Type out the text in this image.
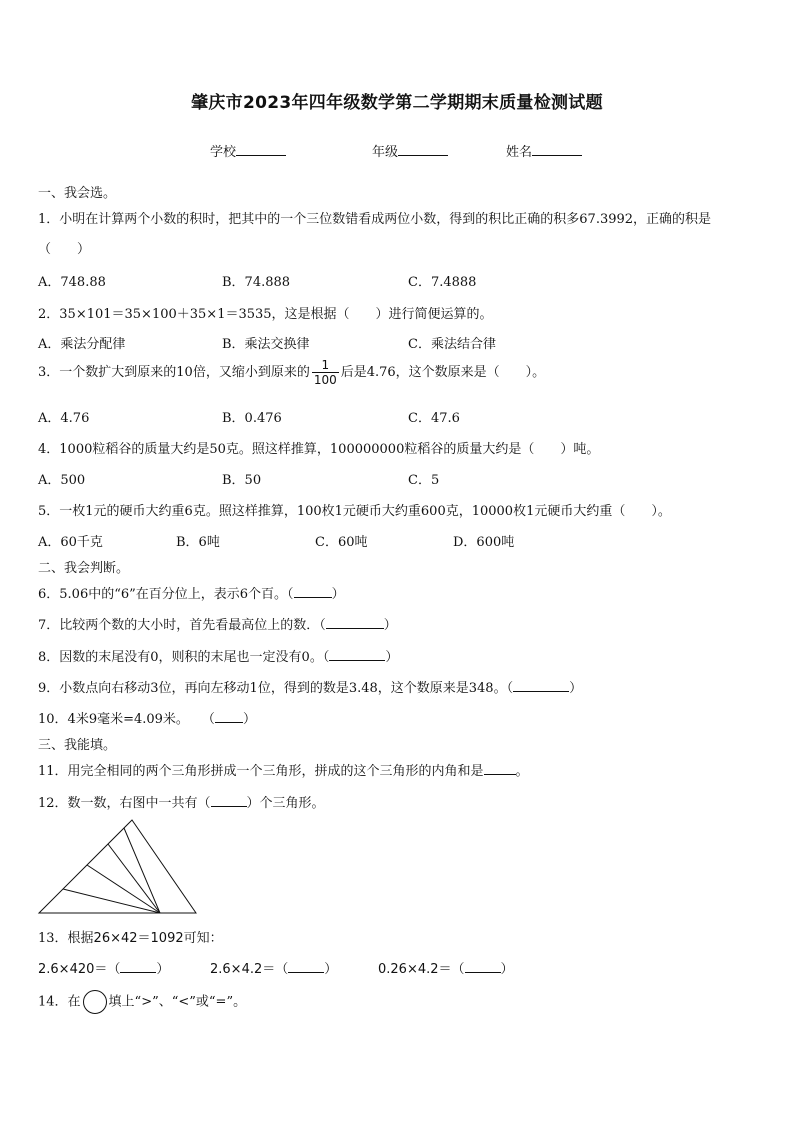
肇庆市2023年四年级数学第二学期期末质量检测试题
学校	年级	姓名
一、我会选。
1．小明在计算两个小数的积时，把其中的一个三位数错看成两位小数，得到的积比正确的积多67.3992，正确的积是
（　　）
A．748.88	B．74.888	C．7.4888
2．35×101＝35×100＋35×1＝3535，这是根据（　　）进行简便运算的。
A．乘法分配律	B．乘法交换律	C．乘法结合律
3．一个数扩大到原来的10倍，又缩小到原来的 $\frac{1}{100}$ 后是4.76，这个数原来是（　　）。
A．4.76	B．0.476	C．47.6
4．1000粒稻谷的质量大约是50克。照这样推算，100000000粒稻谷的质量大约是（　　）吨。
A．500	B．50	C．5
5．一枚1元的硬币大约重6克。照这样推算，100枚1元硬币大约重600克，10000枚1元硬币大约重（　　）。
A．60千克	B．6吨	C．60吨	D．600吨
二、我会判断。
6．5.06中的“6”在百分位上，表示6个百。（	）
7．比较两个数的大小时，首先看最高位上的数．（	）
8．因数的末尾没有0，则积的末尾也一定没有0。（	）
9．小数点向右移动3位，再向左移动1位，得到的数是3.48，这个数原来是348。（	）
10．4米9毫米=4.09米。　　（ ）
三、我能填。
11．用完全相同的两个三角形拼成一个三角形，拼成的这个三角形的内角和是 。
12．数一数，右图中一共有（	）个三角形。
13．根据26×42＝1092可知：
2.6×420＝（	）	2.6×4.2＝（	）	0.26×4.2＝（	）
14．在 填上“>”、“<”或“=”。
